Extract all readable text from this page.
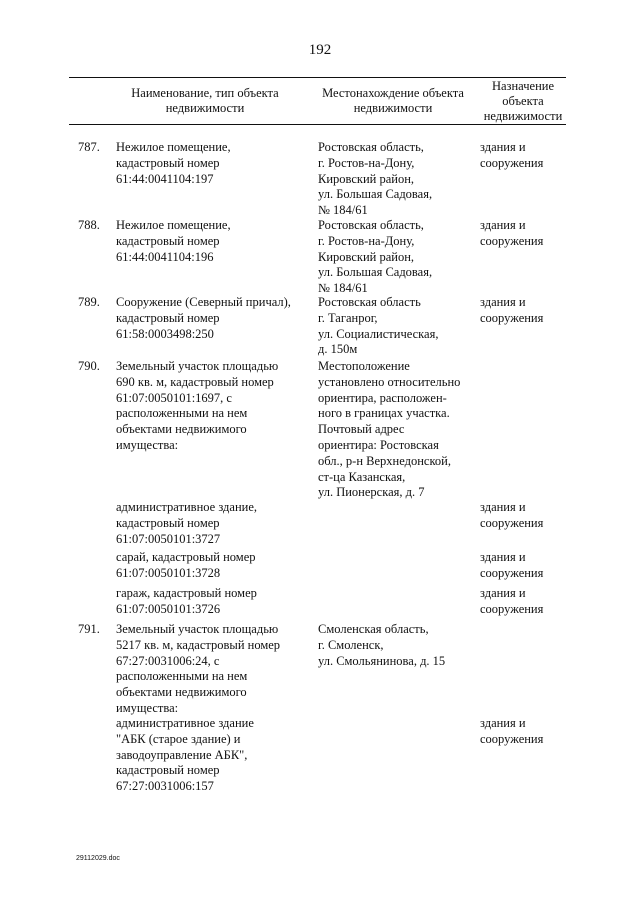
192
Наименование, тип объекта
недвижимости
Местонахождение объекта
недвижимости
Назначение
объекта
недвижимости
787. Нежилое помещение,
кадастровый номер
61:44:0041104:197
Ростовская область,
г. Ростов-на-Дону,
Кировский район,
ул. Большая Садовая,
№ 184/61
здания и
сооружения
788. Нежилое помещение,
кадастровый номер
61:44:0041104:196
Ростовская область,
г. Ростов-на-Дону,
Кировский район,
ул. Большая Садовая,
№ 184/61
здания и
сооружения
789. Сооружение (Северный причал),
кадастровый номер
61:58:0003498:250
Ростовская область
г. Таганрог,
ул. Социалистическая,
д. 150м
здания и
сооружения
790. Земельный участок площадью
690 кв. м, кадастровый номер
61:07:0050101:1697, с
расположенными на нем
объектами недвижимого
имущества:
Местоположение
установлено относительно
ориентира, расположен-
ного в границах участка.
Почтовый адрес
ориентира: Ростовская
обл., р-н Верхнедонской,
ст-ца Казанская,
ул. Пионерская, д. 7
административное здание,
кадастровый номер
61:07:0050101:3727
здания и
сооружения
сарай, кадастровый номер
61:07:0050101:3728
здания и
сооружения
гараж, кадастровый номер
61:07:0050101:3726
здания и
сооружения
791. Земельный участок площадью
5217 кв. м, кадастровый номер
67:27:0031006:24, с
расположенными на нем
объектами недвижимого
имущества:
Смоленская область,
г. Смоленск,
ул. Смольянинова, д. 15
административное здание
"АБК (старое здание) и
заводоуправление АБК",
кадастровый номер
67:27:0031006:157
здания и
сооружения
29112029.doc
